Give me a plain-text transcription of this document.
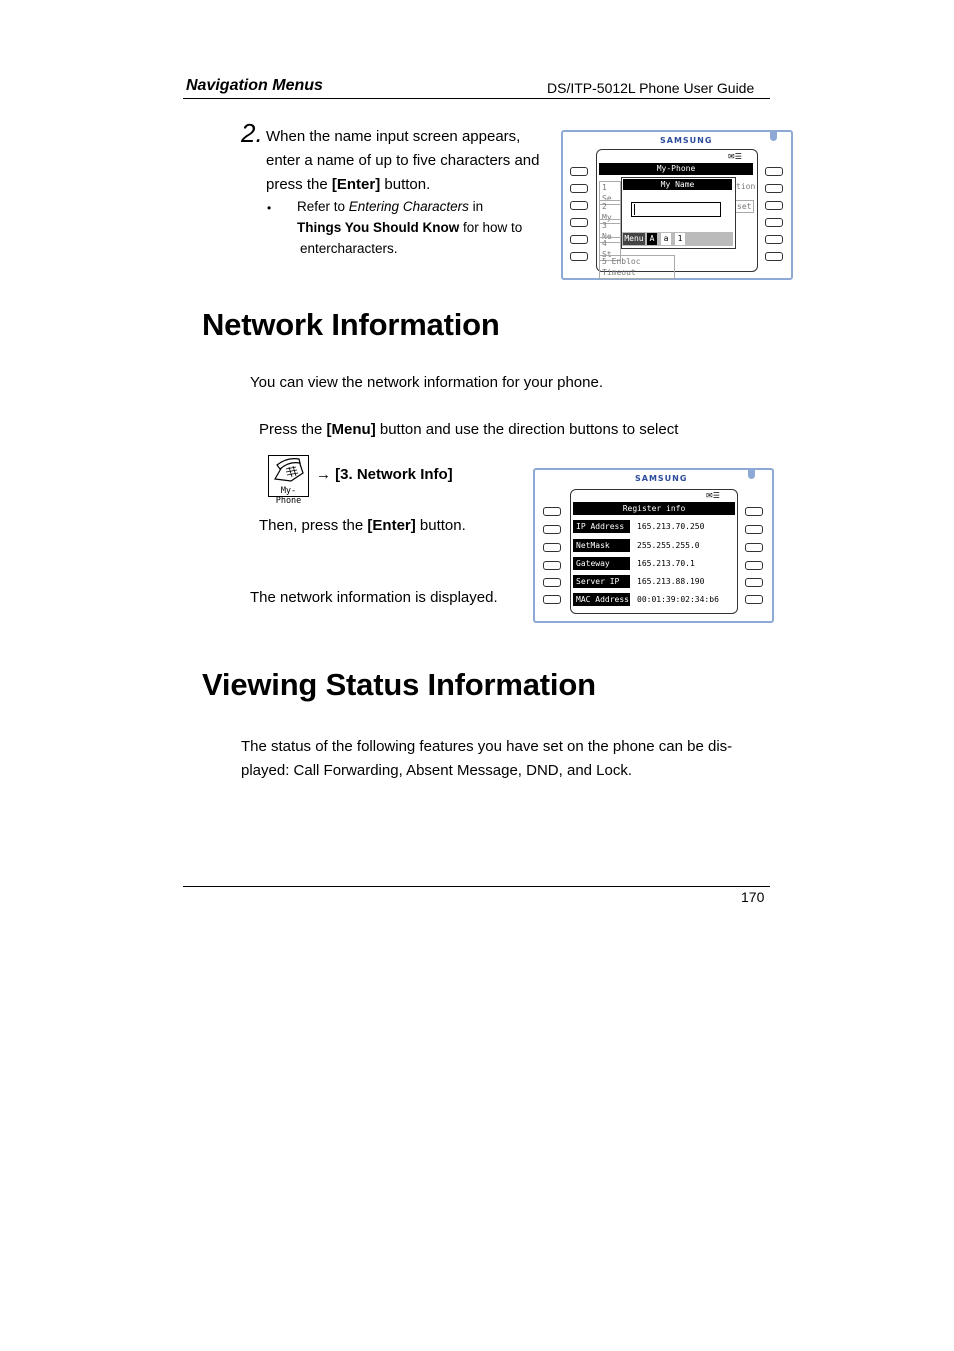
Navigation Menus	DS/ITP-5012L Phone User Guide
2. When the name input screen appears,
enter a name of up to five characters and
press the [Enter] button.
• Refer to Entering Characters in
Things You Should Know for how to
entercharacters.
SAMSUNG
✉☰
My-Phone
1 Se
2 My
3 Ne
4 St
5 Enbloc Timeout
tion
set
My Name
Menu A	a	1
Network Information
You can view the network information for your phone.
Press the [Menu] button and use the direction buttons to select
My-Phone
→ [3. Network Info]
Then, press the [Enter] button.
The network information is displayed.
SAMSUNG
✉☰
Register info
IP Address	165.213.70.250
NetMask	255.255.255.0
Gateway	165.213.70.1
Server IP	165.213.88.190
MAC Address 00:01:39:02:34:b6
Viewing Status Information
The status of the following features you have set on the phone can be dis-
played: Call Forwarding, Absent Message, DND, and Lock.
170
